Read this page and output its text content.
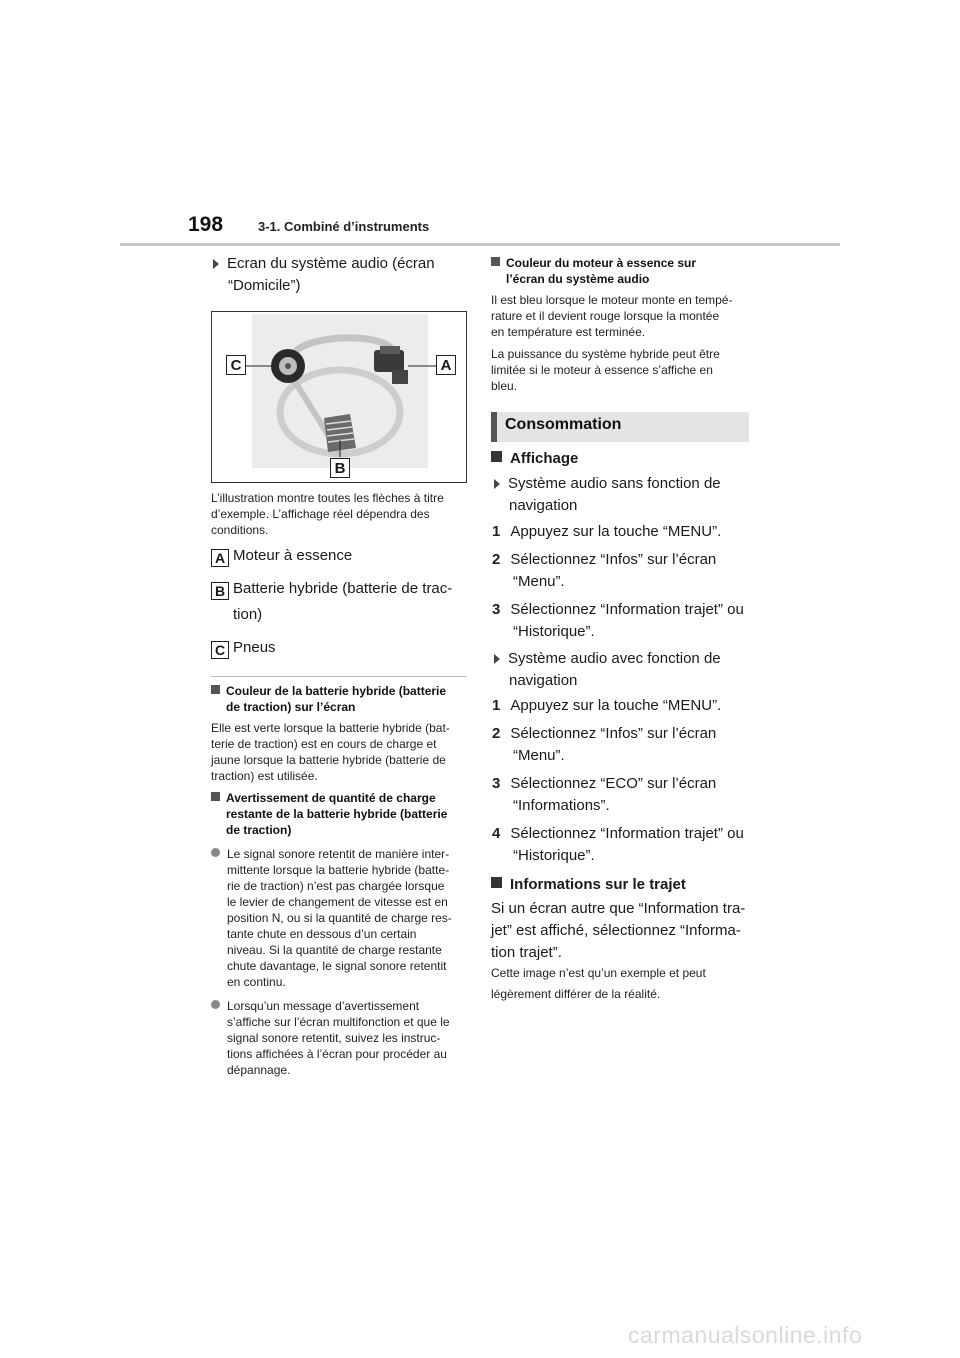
198	3-1. Combiné d’instruments
Ecran du système audio (écran
“Domicile”)
C	A
B
L’illustration montre toutes les flèches à titre
d’exemple. L’affichage réel dépendra des
conditions.
A Moteur à essence
B Batterie hybride (batterie de trac-
tion)
C Pneus
Couleur de la batterie hybride (batterie
de traction) sur l’écran
Elle est verte lorsque la batterie hybride (bat-
terie de traction) est en cours de charge et
jaune lorsque la batterie hybride (batterie de
traction) est utilisée.
Avertissement de quantité de charge
restante de la batterie hybride (batterie
de traction)
Le signal sonore retentit de manière inter-
mittente lorsque la batterie hybride (batte-
rie de traction) n’est pas chargée lorsque
le levier de changement de vitesse est en
position N, ou si la quantité de charge res-
tante chute en dessous d’un certain
niveau. Si la quantité de charge restante
chute davantage, le signal sonore retentit
en continu.
Lorsqu’un message d’avertissement
s’affiche sur l’écran multifonction et que le
signal sonore retentit, suivez les instruc-
tions affichées à l’écran pour procéder au
dépannage.
Couleur du moteur à essence sur
l’écran du système audio
Il est bleu lorsque le moteur monte en tempé-
rature et il devient rouge lorsque la montée
en température est terminée.
La puissance du système hybride peut être
limitée si le moteur à essence s’affiche en
bleu.
Consommation
Affichage
Système audio sans fonction de
navigation
1 Appuyez sur la touche “MENU”.
2 Sélectionnez “Infos” sur l’écran
“Menu”.
3 Sélectionnez “Information trajet” ou
“Historique”.
Système audio avec fonction de
navigation
1 Appuyez sur la touche “MENU”.
2 Sélectionnez “Infos” sur l’écran
“Menu”.
3 Sélectionnez “ECO” sur l’écran
“Informations”.
4 Sélectionnez “Information trajet” ou
“Historique”.
Informations sur le trajet
Si un écran autre que “Information tra-
jet” est affiché, sélectionnez “Informa-
tion trajet”.
Cette image n’est qu’un exemple et peut
légèrement différer de la réalité.
carmanualsonline.info
